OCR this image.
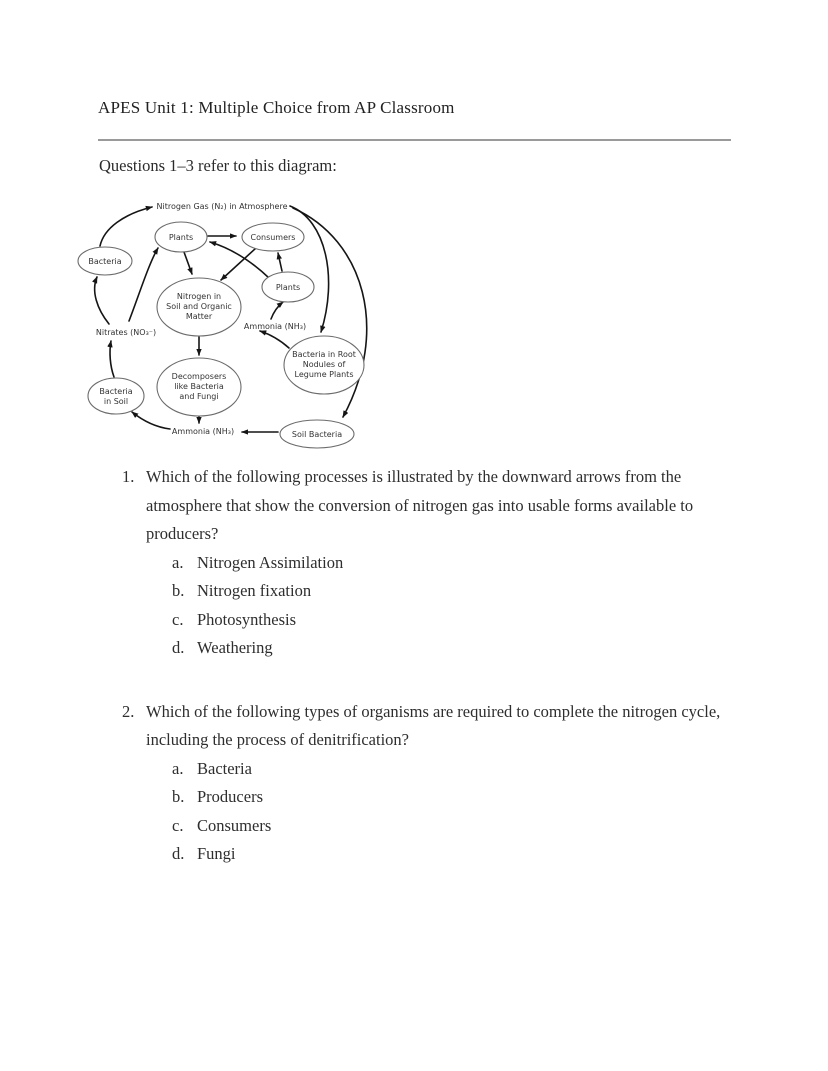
APES Unit 1: Multiple Choice from AP Classroom
Questions 1–3 refer to this diagram:
Nitrogen Gas (N₂) in Atmosphere
Plants	Consumers
Bacteria
Plants
Nitrogen in
Soil and Organic
Matter
Ammonia (NH₃)
Nitrates (NO₃⁻)
Bacteria in Root
Nodules of
Legume Plants
Decomposers
like Bacteria
and Fungi
Bacteria
in Soil
Ammonia (NH₃)	Soil Bacteria
1. Which of the following processes is illustrated by the downward arrows from the atmosphere that show the conversion of nitrogen gas into usable forms available to producers?
a. Nitrogen Assimilation
b. Nitrogen fixation
c. Photosynthesis
d. Weathering
2. Which of the following types of organisms are required to complete the nitrogen cycle, including the process of denitrification?
a. Bacteria
b. Producers
c. Consumers
d. Fungi
